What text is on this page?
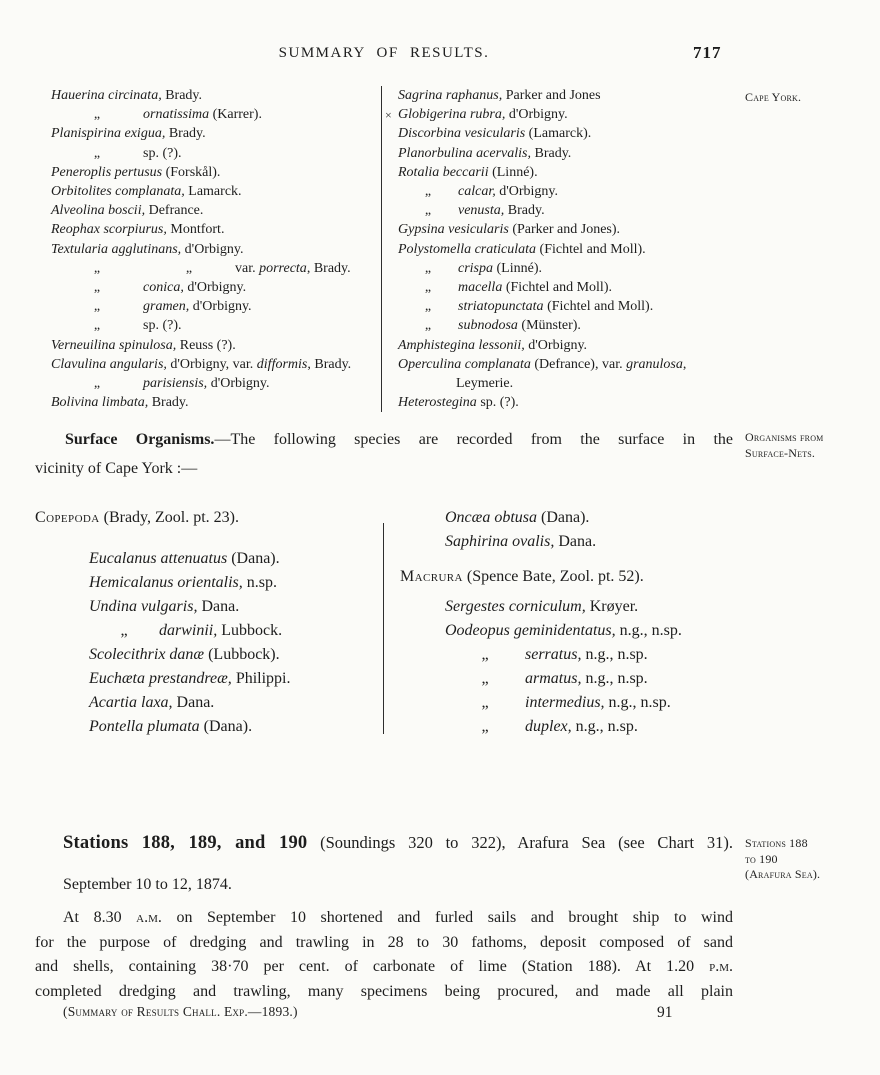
SUMMARY OF RESULTS.	717
Cape York.
Organisms from
Surface-Nets.
Stations 188
to 190
(Arafura Sea).
Hauerina circinata, Brady.
„	ornatissima (Karrer).
Planispirina exigua, Brady.
„	sp. (?).
Peneroplis pertusus (Forskål).
Orbitolites complanata, Lamarck.
Alveolina boscii, Defrance.
Reophax scorpiurus, Montfort.
Textularia agglutinans, d'Orbigny.
„	„	var. porrecta, Brady.
„	conica, d'Orbigny.
„	gramen, d'Orbigny.
„	sp. (?).
Verneuilina spinulosa, Reuss (?).
Clavulina angularis, d'Orbigny, var. difformis, Brady.
„	parisiensis, d'Orbigny.
Bolivina limbata, Brady.
Sagrina raphanus, Parker and Jones
× Globigerina rubra, d'Orbigny.
Discorbina vesicularis (Lamarck).
Planorbulina acervalis, Brady.
Rotalia beccarii (Linné).
„ calcar, d'Orbigny.
„ venusta, Brady.
Gypsina vesicularis (Parker and Jones).
Polystomella craticulata (Fichtel and Moll).
„ crispa (Linné).
„ macella (Fichtel and Moll).
„ striatopunctata (Fichtel and Moll).
„ subnodosa (Münster).
Amphistegina lessonii, d'Orbigny.
Operculina complanata (Defrance), var. granulosa,
Leymerie.
Heterostegina sp. (?).
Surface Organisms.—The following species are recorded from the surface in the
vicinity of Cape York :—
Copepoda (Brady, Zool. pt. 23).
Eucalanus attenuatus (Dana).
Hemicalanus orientalis, n.sp.
Undina vulgaris, Dana.
„ darwinii, Lubbock.
Scolecithrix danæ (Lubbock).
Euchæta prestandreæ, Philippi.
Acartia laxa, Dana.
Pontella plumata (Dana).
Oncæa obtusa (Dana).
Saphirina ovalis, Dana.
Macrura (Spence Bate, Zool. pt. 52).
Sergestes corniculum, Krøyer.
Oodeopus geminidentatus, n.g., n.sp.
„ serratus, n.g., n.sp.
„ armatus, n.g., n.sp.
„ intermedius, n.g., n.sp.
„ duplex, n.g., n.sp.
Stations 188, 189, and 190 (Soundings 320 to 322), Arafura Sea (see Chart 31).
September 10 to 12, 1874.
At 8.30 a.m. on September 10 shortened and furled sails and brought ship to wind
for the purpose of dredging and trawling in 28 to 30 fathoms, deposit composed of sand
and shells, containing 38·70 per cent. of carbonate of lime (Station 188). At 1.20 p.m.
completed dredging and trawling, many specimens being procured, and made all plain
(Summary of Results Chall. Exp.—1893.)	91
